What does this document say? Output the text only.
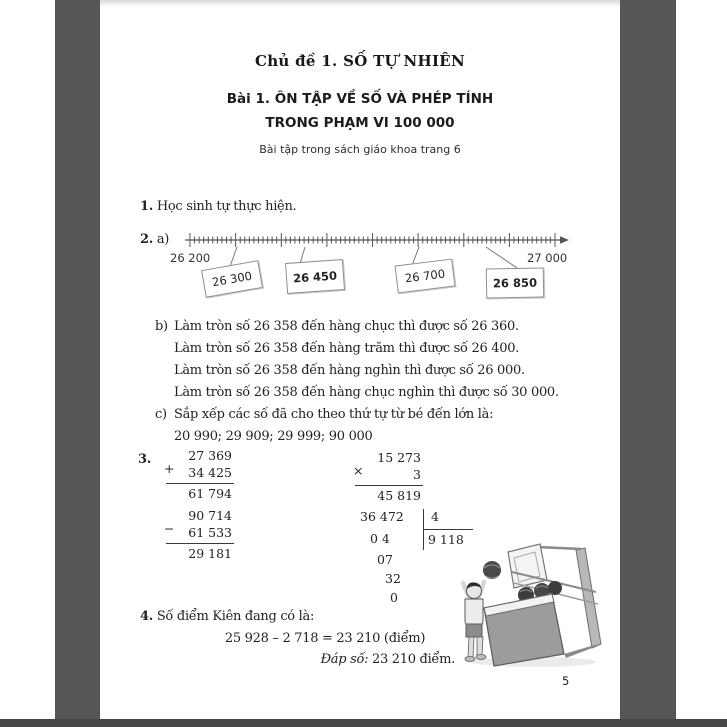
Chủ đề 1. SỐ TỰ NHIÊN
Bài 1. ÔN TẬP VỀ SỐ VÀ PHÉP TÍNH
TRONG PHẠM VI 100 000
Bài tập trong sách giáo khoa trang 6
1. Học sinh tự thực hiện.
2. a)
26 200	27 000
26 300	26 450	26 700	26 850
b) Làm tròn số 26 358 đến hàng chục thì được số 26 360.
Làm tròn số 26 358 đến hàng trăm thì được số 26 400.
Làm tròn số 26 358 đến hàng nghìn thì được số 26 000.
Làm tròn số 26 358 đến hàng chục nghìn thì được số 30 000.
c) Sắp xếp các số đã cho theo thứ tự từ bé đến lớn là:
20 990; 29 909; 29 999; 90 000
3.
+
27 369
34 425
61 794
−
90 714
61 533
29 181
×
15 273
3
45 819
36 472 4
9 118
0 4
07
32
0
4. Số điểm Kiên đang có là:
25 928 – 2 718 = 23 210 (điểm)
Đáp số: 23 210 điểm.
5
